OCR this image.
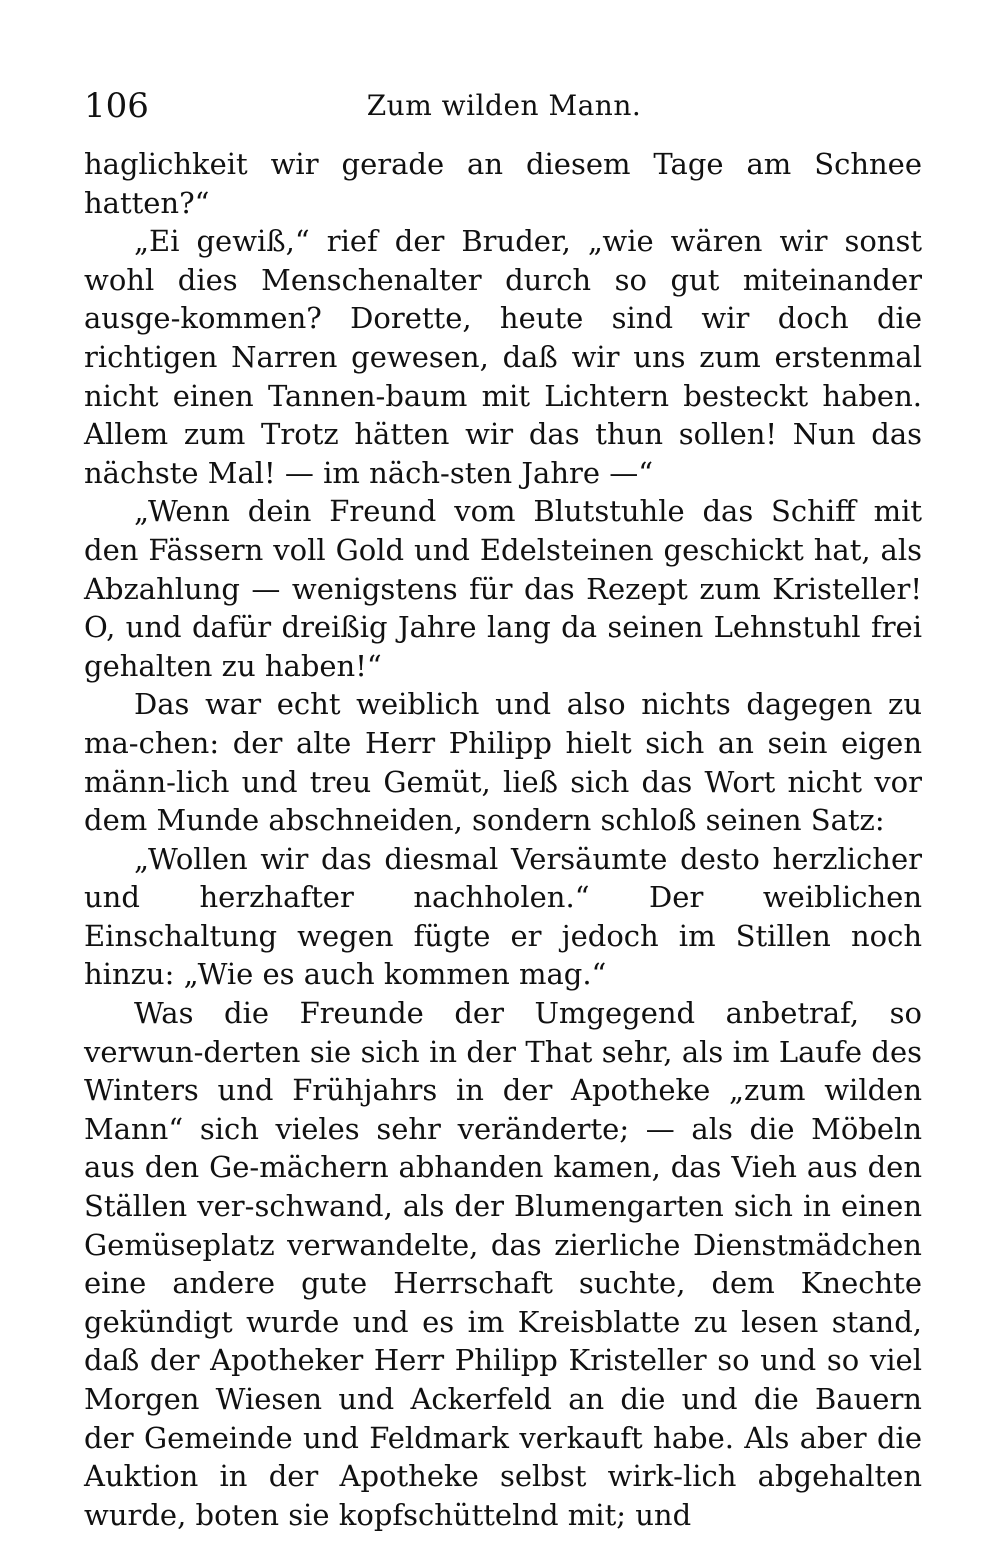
106	Zum wilden Mann.

haglichkeit wir gerade an diesem Tage am Schnee hatten?“

„Ei gewiß,“ rief der Bruder, „wie wären wir sonst wohl dies Menschenalter durch so gut miteinander ausge‑kommen? Dorette, heute sind wir doch die richtigen Narren gewesen, daß wir uns zum erstenmal nicht einen Tannen‑baum mit Lichtern besteckt haben. Allem zum Trotz hätten wir das thun sollen! Nun das nächste Mal! — im näch‑sten Jahre —“

„Wenn dein Freund vom Blutstuhle das Schiff mit den Fässern voll Gold und Edelsteinen geschickt hat, als Abzahlung — wenigstens für das Rezept zum Kristeller! O, und dafür dreißig Jahre lang da seinen Lehnstuhl frei gehalten zu haben!“

Das war echt weiblich und also nichts dagegen zu ma‑chen: der alte Herr Philipp hielt sich an sein eigen männ‑lich und treu Gemüt, ließ sich das Wort nicht vor dem Munde abschneiden, sondern schloß seinen Satz:

„Wollen wir das diesmal Versäumte desto herzlicher und herzhafter nachholen.“ Der weiblichen Einschaltung wegen fügte er jedoch im Stillen noch hinzu: „Wie es auch kommen mag.“

Was die Freunde der Umgegend anbetraf, so verwun‑derten sie sich in der That sehr, als im Laufe des Winters und Frühjahrs in der Apotheke „zum wilden Mann“ sich vieles sehr veränderte; — als die Möbeln aus den Ge‑mächern abhanden kamen, das Vieh aus den Ställen ver‑schwand, als der Blumengarten sich in einen Gemüseplatz verwandelte, das zierliche Dienstmädchen eine andere gute Herrschaft suchte, dem Knechte gekündigt wurde und es im Kreisblatte zu lesen stand, daß der Apotheker Herr Philipp Kristeller so und so viel Morgen Wiesen und Ackerfeld an die und die Bauern der Gemeinde und Feldmark verkauft habe. Als aber die Auktion in der Apotheke selbst wirk‑lich abgehalten wurde, boten sie kopfschüttelnd mit; und
